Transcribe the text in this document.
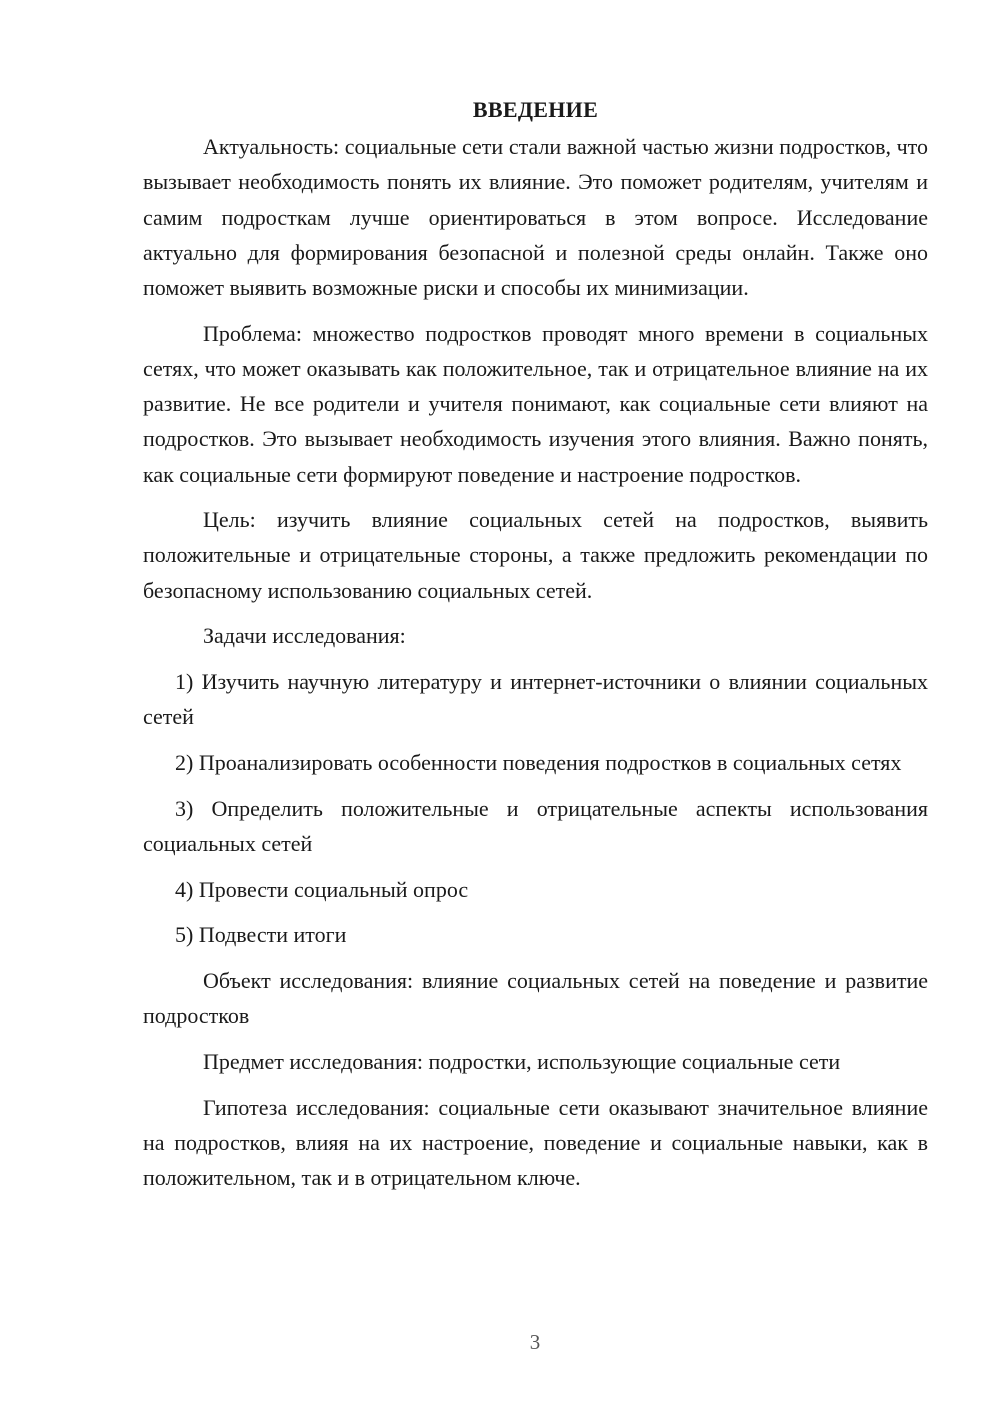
ВВЕДЕНИЕ

Актуальность: социальные сети стали важной частью жизни подростков, что вызывает необходимость понять их влияние. Это поможет родителям, учителям и самим подросткам лучше ориентироваться в этом вопросе. Исследование актуально для формирования безопасной и полезной среды онлайн. Также оно поможет выявить возможные риски и способы их минимизации.

Проблема: множество подростков проводят много времени в социальных сетях, что может оказывать как положительное, так и отрицательное влияние на их развитие. Не все родители и учителя понимают, как социальные сети влияют на подростков. Это вызывает необходимость изучения этого влияния. Важно понять, как социальные сети формируют поведение и настроение подростков.

Цель: изучить влияние социальных сетей на подростков, выявить положительные и отрицательные стороны, а также предложить рекомендации по безопасному использованию социальных сетей.

Задачи исследования:

1) Изучить научную литературу и интернет-источники о влиянии социальных сетей

2) Проанализировать особенности поведения подростков в социальных сетях

3) Определить положительные и отрицательные аспекты использования социальных сетей

4) Провести социальный опрос

5) Подвести итоги

Объект исследования: влияние социальных сетей на поведение и развитие подростков

Предмет исследования: подростки, использующие социальные сети

Гипотеза исследования: социальные сети оказывают значительное влияние на подростков, влияя на их настроение, поведение и социальные навыки, как в положительном, так и в отрицательном ключе.

3
